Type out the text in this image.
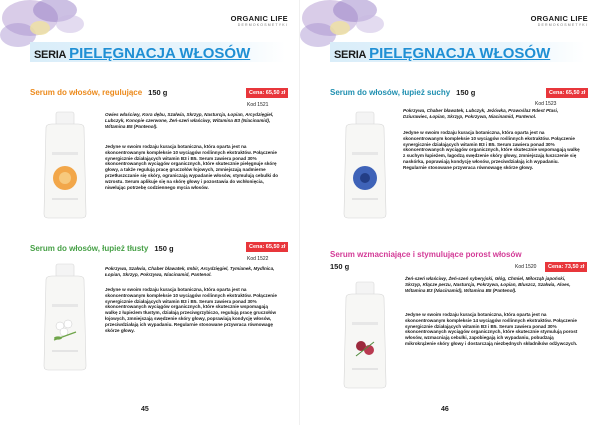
ORGANIC LIFE
DERMOKOSMETYKI
SERIA PIELĘGNACJA WŁOSÓW
Serum do włosów, regulujące 150 g	Cena: 65,50 zł
Kod 1521
Owies właściwy, Kora dębu, Szałwia, Skrzyp, Nasturcja, Łopian, Arcydzięgiel, Lubczyk, Konopie czerwone, Żeń-szeń właściwy, Witamina B3 (Niacinamid), Witamina B5 (Pantenol).
Jedyne w swoim rodzaju kuracja botaniczna, która oparta jest na skoncentrowanym kompleksie 10 wyciągów roślinnych ekstraktów. Połączenie synergicznie działających witamin B3 i B5. Serum zawiera ponad 30% skoncentrowanych wyciągów organicznych, które skutecznie pielęgnuje skórę głowy, a także regulują pracę gruczołów łojowych, zmniejszają nadmierne przetłuszczanie się skóry, ograniczają wypadanie włosów, stymulują cebulki do wzrostu. Serum aplikuje się na skórę głowy i pozostawia do wchłonięcia, niwelując potrzebę codziennego mycia włosów.
Serum do włosów, łupież tłusty 150 g	Cena: 65,50 zł
Kod 1522
Pokrzywa, Szałwia, Chaber bławatek, Imbir, Arcydzięgiel, Tymianek, Mydlnica, Łopian, Skrzyp, Pokrzywa, Niacinamid, Pantenol.
Jedyne w swoim rodzaju kuracja botaniczna, która oparta jest na skoncentrowanym kompleksie 10 wyciągów roślinnych ekstraktów. Połączenie synergicznie działających witamin B3 i B5. Serum zawiera ponad 30% skoncentrowanych wyciągów organicznych, które skutecznie wspomagają walkę z łupieżem tłustym, działają przeciwgrzybiczo, regulują pracę gruczołów łojowych, zmniejszają swędzenie skóry głowy, poprawiają kondycję włosów, przeciwdziałają ich wypadaniu. Regularnie stosowane przywraca równowagę skórze głowy.
45
ORGANIC LIFE
DERMOKOSMETYKI
SERIA PIELĘGNACJA WŁOSÓW
Serum do włosów, łupież suchy 150 g	Cena: 65,50 zł
Kod 1523
Pokrzywa, Chaber bławatek, Lubczyk, Jeżówka, Prawoślaz Rdest Ptasi, Dziurawiec, Łopian, Skrzyp, Pokrzywa, Niacinamid, Pantenol.
Jedyne w swoim rodzaju kuracja botaniczna, która oparta jest na skoncentrowanym kompleksie 10 wyciągów roślinnych ekstraktów. Połączenie synergicznie działających witamin B3 i B5. Serum zawiera ponad 30% skoncentrowanych wyciągów organicznych, które skutecznie wspomagają walkę z suchym łupieżem, łagodzą swędzenie skóry głowy, zmniejszają łuszczenie się naskórka, poprawiają kondycję włosów, przeciwdziałają ich wypadaniu. Regularnie stosowane przywraca równowagę skórze głowy.
Serum wzmacniające i stymulujące porost włosów
150 g	Kod 1520	Cena: 73,50 zł
Żeń-szeń właściwy, Żeń-szeń syberyjski, Głóg, Chmiel, Miłorząb japoński, Skrzyp, Kłącze perzu, Nasturcja, Pokrzywa, Łopian, Bluszcz, Szałwia, Aloes, Witamina B3 (Niacinamid), Witamina B5 (Pantenol).
Jedyne w swoim rodzaju kuracja botaniczna, która oparta jest na skoncentrowanym kompleksie 14 wyciągów roślinnych ekstraktów. Połączenie synergicznie działających witamin B3 i B5. Serum zawiera ponad 30% skoncentrowanych wyciągów organicznych, które skutecznie stymulują porost włosów, wzmacniają cebulki, zapobiegają ich wypadaniu, pobudzają mikrokrążenie skóry głowy i dostarczają niezbędnych składników odżywczych.
46
